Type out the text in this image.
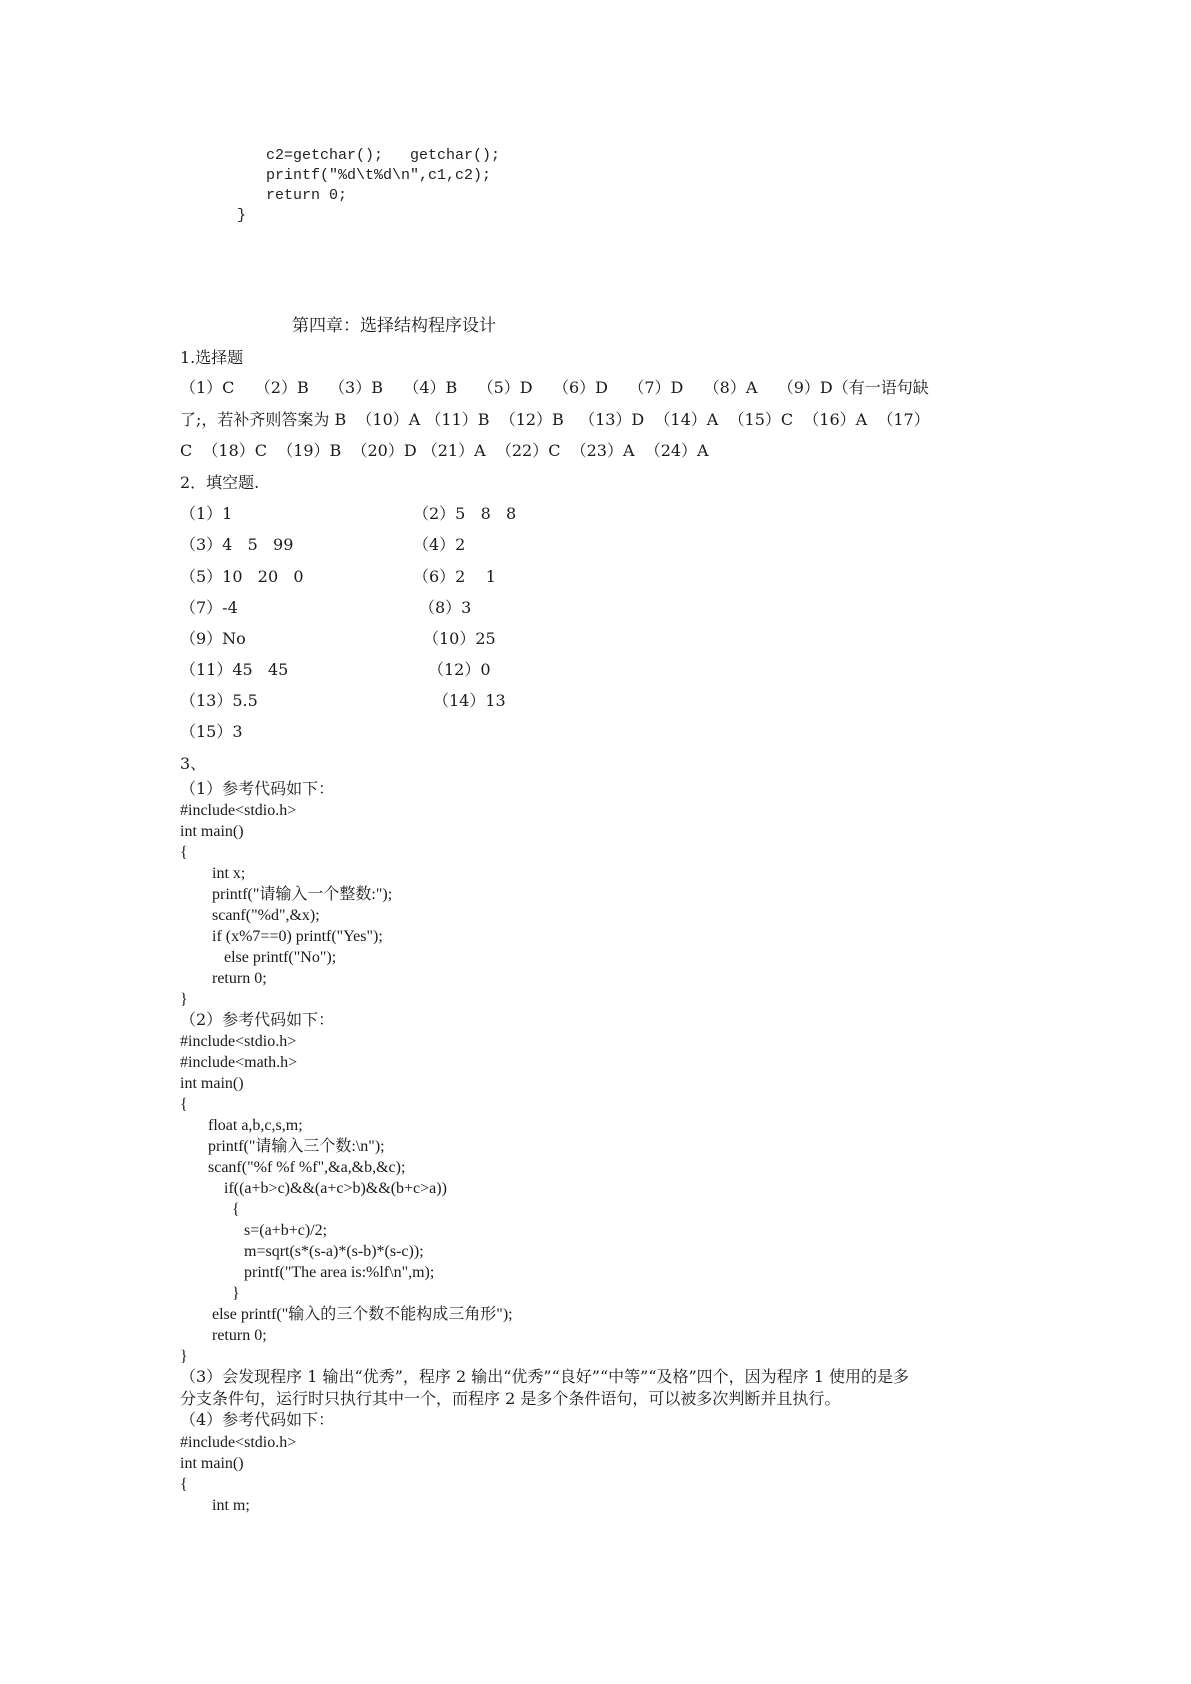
c2=getchar();   getchar();
printf("%d\t%d\n",c1,c2);
return 0;
}
第四章：选择结构程序设计
1.选择题
（1）C    （2）B    （3）B    （4）B    （5）D    （6）D    （7）D    （8）A    （9）D（有一语句缺
了;，若补齐则答案为 B  （10）A （11）B  （12）B   （13）D  （14）A  （15）C  （16）A  （17）
C  （18）C  （19）B  （20）D （21）A  （22）C  （23）A  （24）A
2．填空题.
（1）1	（2）5   8   8
（3）4   5   99	（4）2
（5）10   20   0	（6）2    1
（7）-4	（8）3
（9）No	（10）25
（11）45   45	（12）0
（13）5.5	（14）13
（15）3
3、
（1）参考代码如下：
#include<stdio.h>
int main()
{
int x;
printf("请输入一个整数:");
scanf("%d",&x);
if (x%7==0) printf("Yes");
else printf("No");
return 0;
}
（2）参考代码如下：
#include<stdio.h>
#include<math.h>
int main()
{
float a,b,c,s,m;
printf("请输入三个数:\n");
scanf("%f %f %f",&a,&b,&c);
if((a+b>c)&&(a+c>b)&&(b+c>a))
{
s=(a+b+c)/2;
m=sqrt(s*(s-a)*(s-b)*(s-c));
printf("The area is:%lf\n",m);
}
else printf("输入的三个数不能构成三角形");
return 0;
}
（3）会发现程序 1 输出“优秀”，程序 2 输出“优秀”“良好”“中等”“及格”四个，因为程序 1 使用的是多
分支条件句，运行时只执行其中一个，而程序 2 是多个条件语句，可以被多次判断并且执行。
（4）参考代码如下：
#include<stdio.h>
int main()
{
int m;
